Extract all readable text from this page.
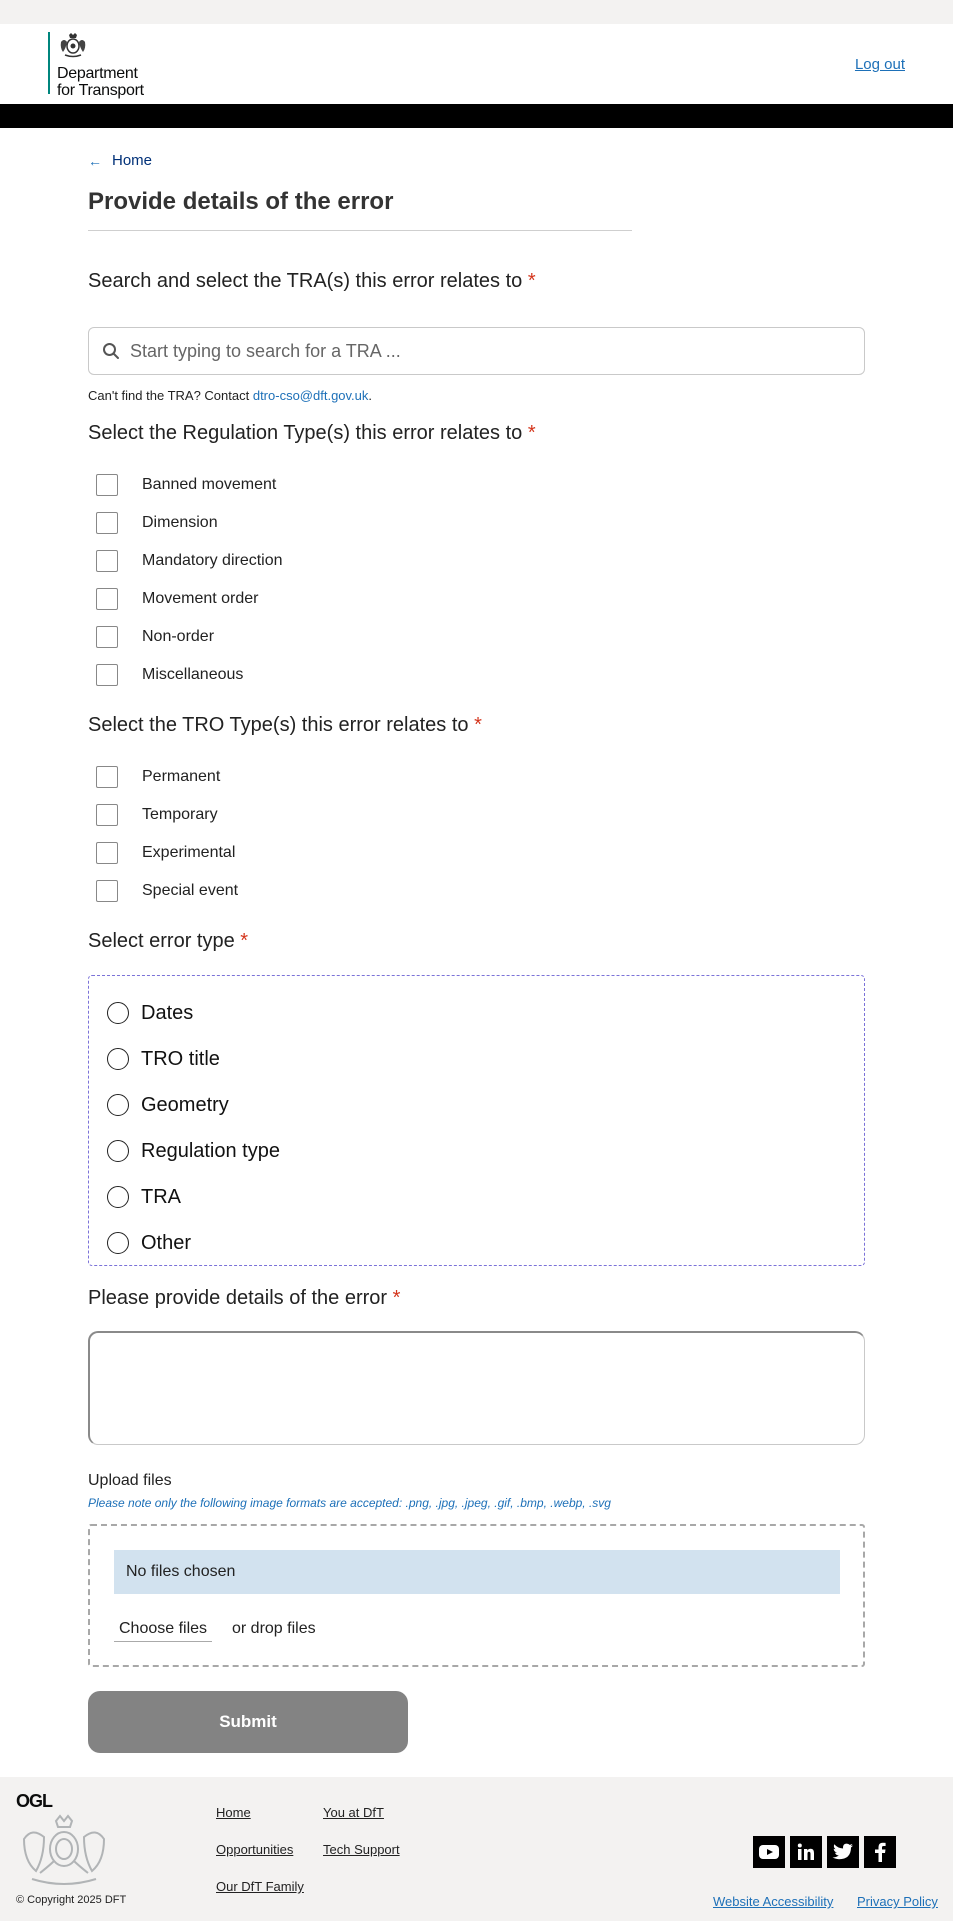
Department
for Transport
Log out
← Home
Provide details of the error
Search and select the TRA(s) this error relates to *
Start typing to search for a TRA ...
Can't find the TRA? Contact dtro-cso@dft.gov.uk.
Select the Regulation Type(s) this error relates to *
Banned movement
Dimension
Mandatory direction
Movement order
Non-order
Miscellaneous
Select the TRO Type(s) this error relates to *
Permanent
Temporary
Experimental
Special event
Select error type *
Dates
TRO title
Geometry
Regulation type
TRA
Other
Please provide details of the error *
Upload files
Please note only the following image formats are accepted: .png, .jpg, .jpeg, .gif, .bmp, .webp, .svg
No files chosen
Choose files	or drop files
Submit
OGL
© Copyright 2025 DFT
Home	You at DfT
Opportunities Tech Support
Our DfT Family
Website Accessibility Privacy Policy
